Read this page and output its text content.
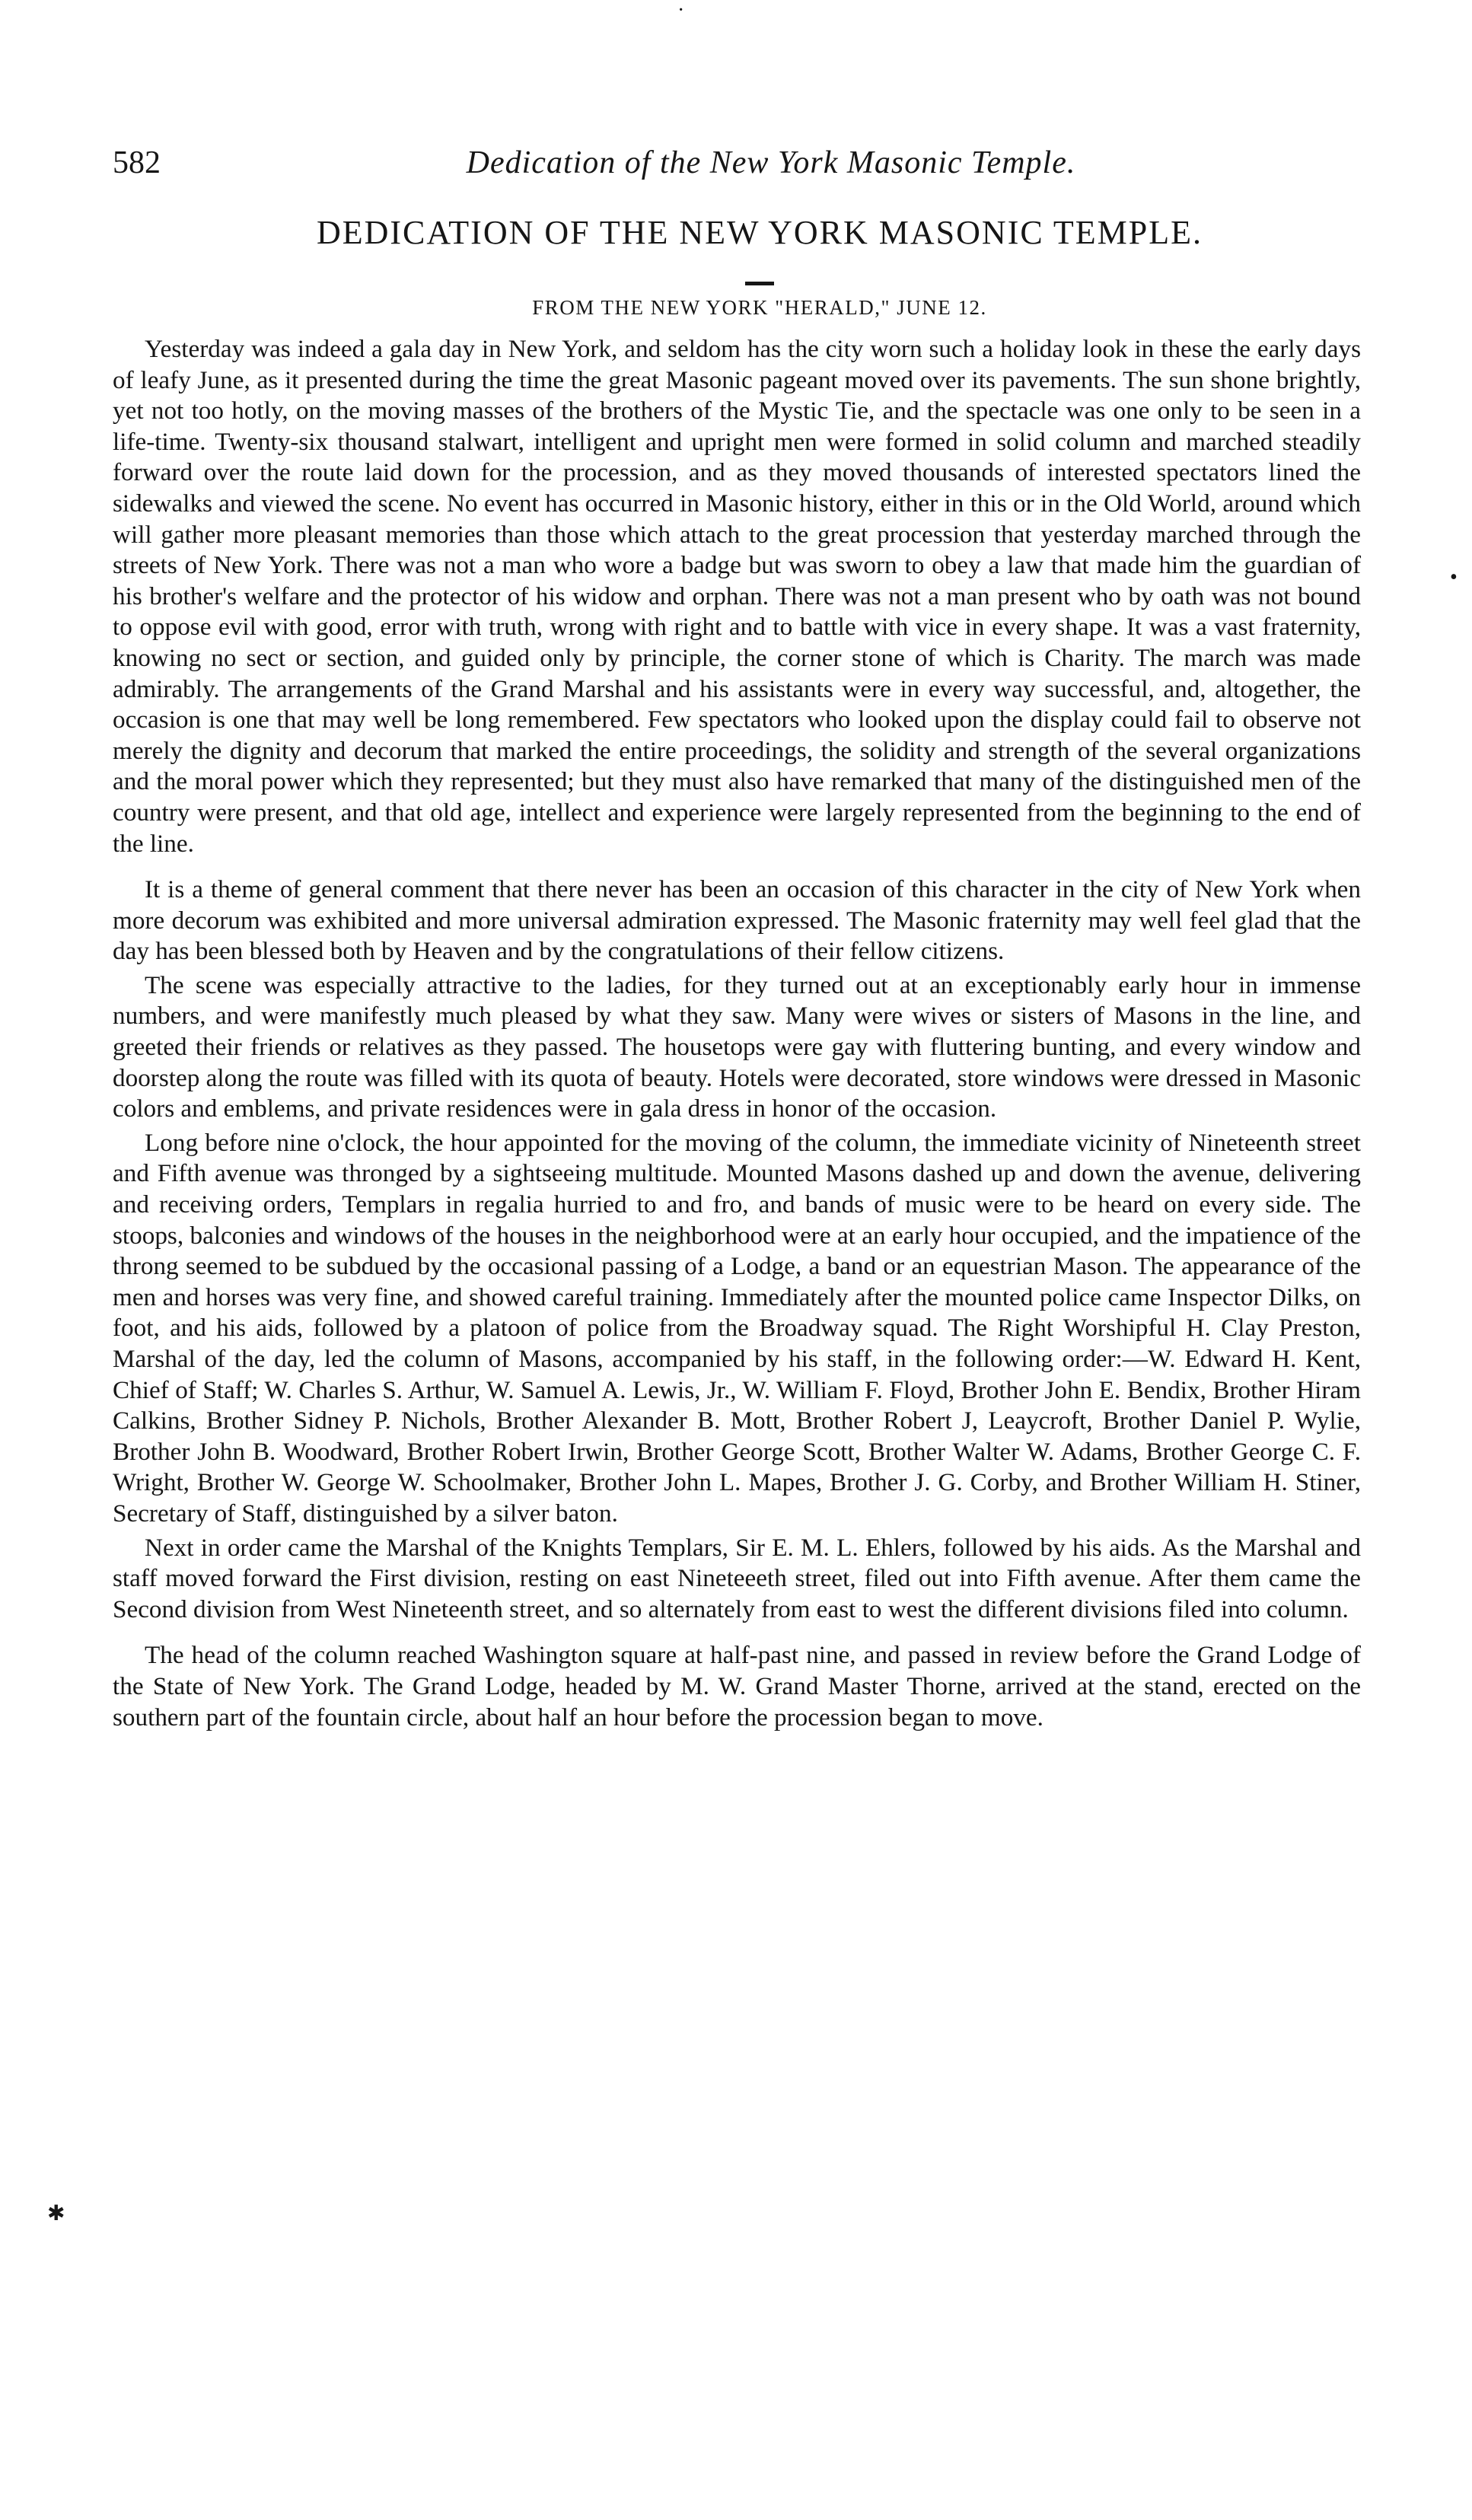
582	Dedication of the New York Masonic Temple.
DEDICATION OF THE NEW YORK MASONIC TEMPLE.
FROM THE NEW YORK "HERALD," JUNE 12.

Yesterday was indeed a gala day in New York, and seldom has the city worn such a holiday look in these the early days of leafy June, as it presented during the time the great Masonic pageant moved over its pavements. The sun shone brightly, yet not too hotly, on the moving masses of the brothers of the Mystic Tie, and the spectacle was one only to be seen in a life-time. Twenty-six thousand stalwart, intelligent and upright men were formed in solid column and marched steadily forward over the route laid down for the procession, and as they moved thousands of interested spectators lined the sidewalks and viewed the scene. No event has occurred in Masonic history, either in this or in the Old World, around which will gather more pleasant memories than those which attach to the great procession that yesterday marched through the streets of New York. There was not a man who wore a badge but was sworn to obey a law that made him the guardian of his brother's welfare and the protector of his widow and orphan. There was not a man present who by oath was not bound to oppose evil with good, error with truth, wrong with right and to battle with vice in every shape. It was a vast fraternity, knowing no sect or section, and guided only by principle, the corner stone of which is Charity. The march was made admirably. The arrangements of the Grand Marshal and his assistants were in every way successful, and, altogether, the occasion is one that may well be long remembered. Few spectators who looked upon the display could fail to observe not merely the dignity and decorum that marked the entire proceedings, the solidity and strength of the several organizations and the moral power which they represented; but they must also have remarked that many of the distinguished men of the country were present, and that old age, intellect and experience were largely represented from the beginning to the end of the line.

It is a theme of general comment that there never has been an occasion of this character in the city of New York when more decorum was exhibited and more universal admiration expressed. The Masonic fraternity may well feel glad that the day has been blessed both by Heaven and by the congratulations of their fellow citizens.

The scene was especially attractive to the ladies, for they turned out at an exceptionably early hour in immense numbers, and were manifestly much pleased by what they saw. Many were wives or sisters of Masons in the line, and greeted their friends or relatives as they passed. The housetops were gay with fluttering bunting, and every window and doorstep along the route was filled with its quota of beauty. Hotels were decorated, store windows were dressed in Masonic colors and emblems, and private residences were in gala dress in honor of the occasion.

Long before nine o'clock, the hour appointed for the moving of the column, the immediate vicinity of Nineteenth street and Fifth avenue was thronged by a sightseeing multitude. Mounted Masons dashed up and down the avenue, delivering and receiving orders, Templars in regalia hurried to and fro, and bands of music were to be heard on every side. The stoops, balconies and windows of the houses in the neighborhood were at an early hour occupied, and the impatience of the throng seemed to be subdued by the occasional passing of a Lodge, a band or an equestrian Mason. The appearance of the men and horses was very fine, and showed careful training. Immediately after the mounted police came Inspector Dilks, on foot, and his aids, followed by a platoon of police from the Broadway squad. The Right Worshipful H. Clay Preston, Marshal of the day, led the column of Masons, accompanied by his staff, in the following order:—W. Edward H. Kent, Chief of Staff; W. Charles S. Arthur, W. Samuel A. Lewis, Jr., W. William F. Floyd, Brother John E. Bendix, Brother Hiram Calkins, Brother Sidney P. Nichols, Brother Alexander B. Mott, Brother Robert J, Leaycroft, Brother Daniel P. Wylie, Brother John B. Woodward, Brother Robert Irwin, Brother George Scott, Brother Walter W. Adams, Brother George C. F. Wright, Brother W. George W. Schoolmaker, Brother John L. Mapes, Brother J. G. Corby, and Brother William H. Stiner, Secretary of Staff, distinguished by a silver baton.

Next in order came the Marshal of the Knights Templars, Sir E. M. L. Ehlers, followed by his aids. As the Marshal and staff moved forward the First division, resting on east Nineteeeth street, filed out into Fifth avenue. After them came the Second division from West Nineteenth street, and so alternately from east to west the different divisions filed into column.

The head of the column reached Washington square at half-past nine, and passed in review before the Grand Lodge of the State of New York. The Grand Lodge, headed by M. W. Grand Master Thorne, arrived at the stand, erected on the southern part of the fountain circle, about half an hour before the procession began to move.

·
•
✱
